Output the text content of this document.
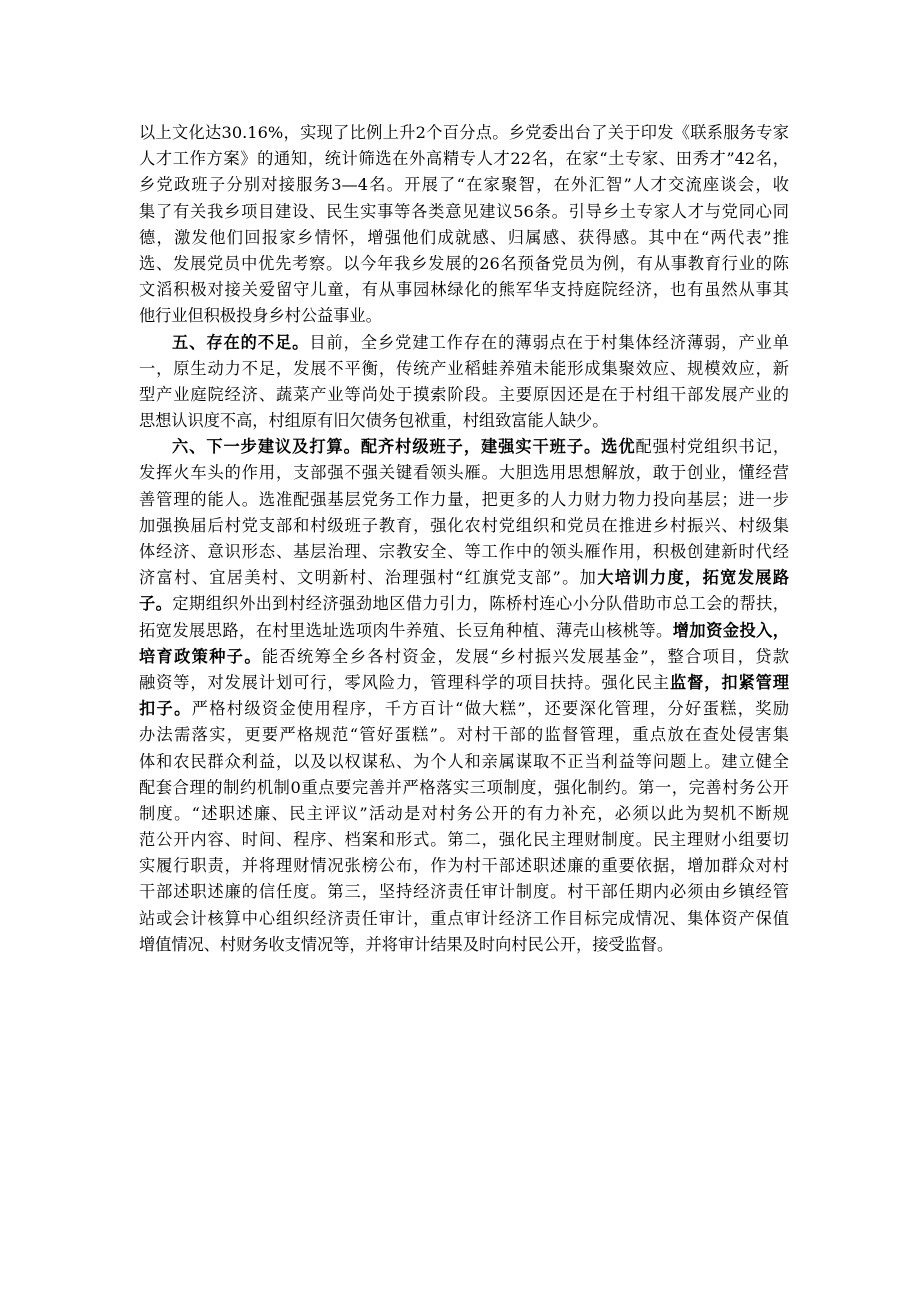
以上文化达30.16%，实现了比例上升2个百分点。乡党委出台了关于印发《联系服务专家
人才工作方案》的通知，统计筛选在外高精专人才22名，在家“土专家、田秀才”42名，
乡党政班子分别对接服务3—4名。开展了“在家聚智，在外汇智”人才交流座谈会，收
集了有关我乡项目建设、民生实事等各类意见建议56条。引导乡土专家人才与党同心同
德，激发他们回报家乡情怀，增强他们成就感、归属感、获得感。其中在“两代表”推
选、发展党员中优先考察。以今年我乡发展的26名预备党员为例，有从事教育行业的陈
文滔积极对接关爱留守儿童，有从事园林绿化的熊军华支持庭院经济，也有虽然从事其
他行业但积极投身乡村公益事业。
五、存在的不足。目前，全乡党建工作存在的薄弱点在于村集体经济薄弱，产业单
一，原生动力不足，发展不平衡，传统产业稻蛙养殖未能形成集聚效应、规模效应，新
型产业庭院经济、蔬菜产业等尚处于摸索阶段。主要原因还是在于村组干部发展产业的
思想认识度不高，村组原有旧欠债务包袱重，村组致富能人缺少。
六、下一步建议及打算。配齐村级班子，建强实干班子。选优配强村党组织书记，
发挥火车头的作用，支部强不强关键看领头雁。大胆选用思想解放，敢于创业，懂经营
善管理的能人。选准配强基层党务工作力量，把更多的人力财力物力投向基层；进一步
加强换届后村党支部和村级班子教育，强化农村党组织和党员在推进乡村振兴、村级集
体经济、意识形态、基层治理、宗教安全、等工作中的领头雁作用，积极创建新时代经
济富村、宜居美村、文明新村、治理强村“红旗党支部”。加大培训力度，拓宽发展路
子。定期组织外出到村经济强劲地区借力引力，陈桥村连心小分队借助市总工会的帮扶，
拓宽发展思路，在村里选址选项肉牛养殖、长豆角种植、薄壳山核桃等。增加资金投入，
培育政策种子。能否统筹全乡各村资金，发展“乡村振兴发展基金”，整合项目，贷款
融资等，对发展计划可行，零风险力，管理科学的项目扶持。强化民主监督，扣紧管理
扣子。严格村级资金使用程序，千方百计“做大糕”，还要深化管理，分好蛋糕，奖励
办法需落实，更要严格规范“管好蛋糕”。对村干部的监督管理，重点放在查处侵害集
体和农民群众利益，以及以权谋私、为个人和亲属谋取不正当利益等问题上。建立健全
配套合理的制约机制0重点要完善并严格落实三项制度，强化制约。第一，完善村务公开
制度。“述职述廉、民主评议”活动是对村务公开的有力补充，必须以此为契机不断规
范公开内容、时间、程序、档案和形式。第二，强化民主理财制度。民主理财小组要切
实履行职责，并将理财情况张榜公布，作为村干部述职述廉的重要依据，增加群众对村
干部述职述廉的信任度。第三，坚持经济责任审计制度。村干部任期内必须由乡镇经管
站或会计核算中心组织经济责任审计，重点审计经济工作目标完成情况、集体资产保值
增值情况、村财务收支情况等，并将审计结果及时向村民公开，接受监督。
